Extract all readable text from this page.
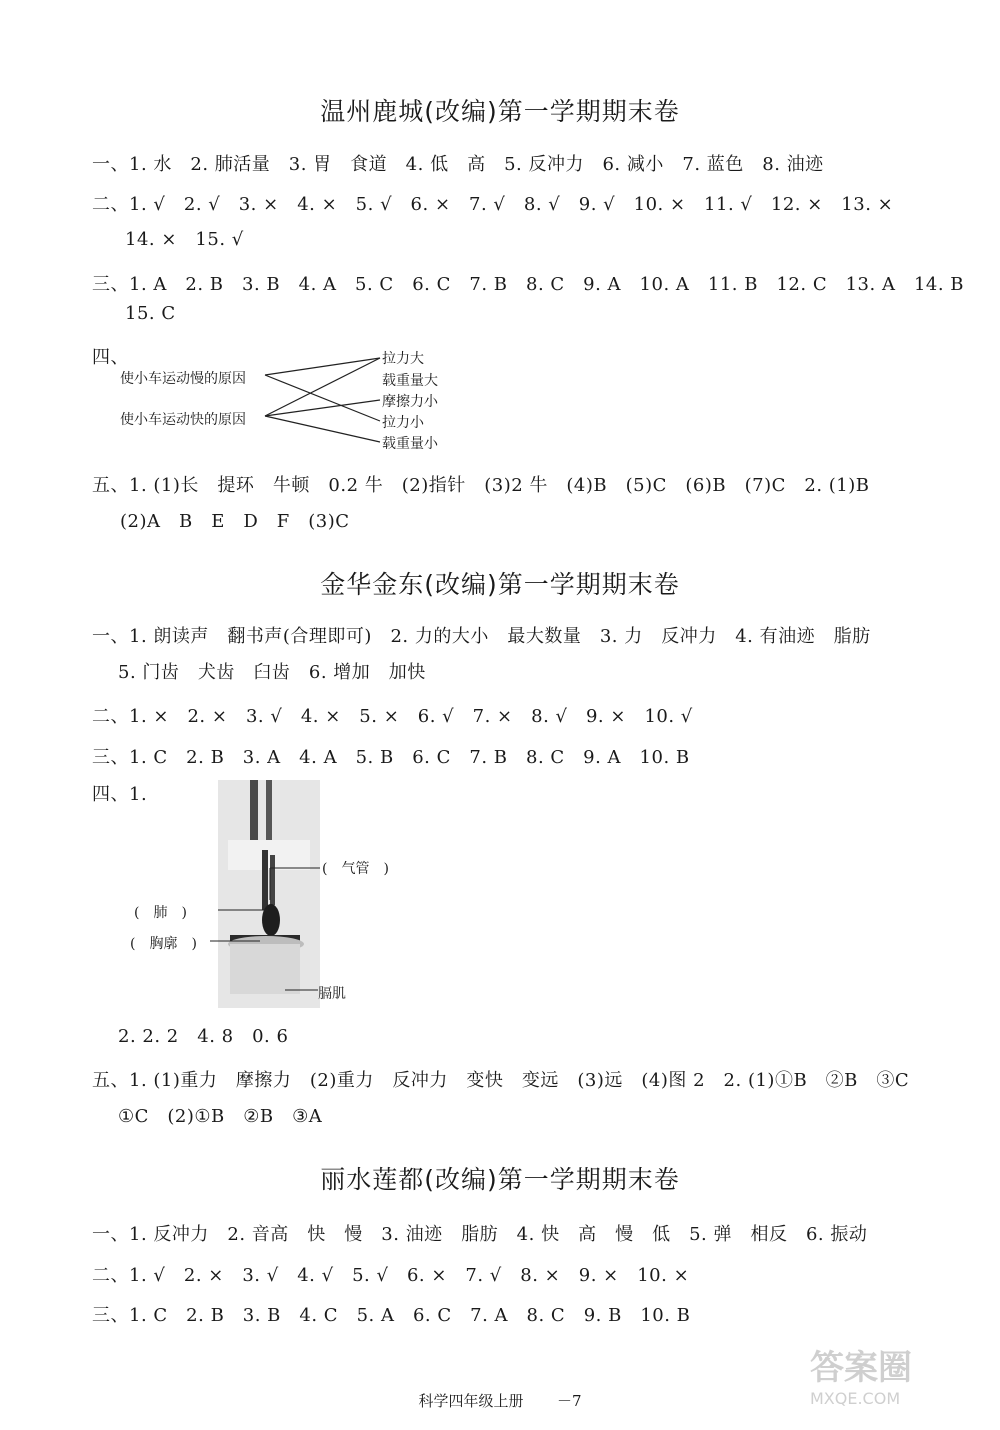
温州鹿城(改编)第一学期期末卷
一、1. 水　2. 肺活量　3. 胃　食道　4. 低　高　5. 反冲力　6. 减小　7. 蓝色　8. 油迹
二、1. √　2. √　3. ×　4. ×　5. √　6. ×　7. √　8. √　9. √　10. ×　11. √　12. ×　13. ×
14. ×　15. √
三、1. A　2. B　3. B　4. A　5. C　6. C　7. B　8. C　9. A　10. A　11. B　12. C　13. A　14. B
15. C
四、
使小车运动慢的原因
使小车运动快的原因
拉力大
载重量大
摩擦力小
拉力小
载重量小
五、1. (1)长　提环　牛顿　0.2 牛　(2)指针　(3)2 牛　(4)B　(5)C　(6)B　(7)C　2. (1)B
(2)A　B　E　D　F　(3)C
金华金东(改编)第一学期期末卷
一、1. 朗读声　翻书声(合理即可)　2. 力的大小　最大数量　3. 力　反冲力　4. 有油迹　脂肪
5. 门齿　犬齿　臼齿　6. 增加　加快
二、1. ×　2. ×　3. √　4. ×　5. ×　6. √　7. ×　8. √　9. ×　10. √
三、1. C　2. B　3. A　4. A　5. B　6. C　7. B　8. C　9. A　10. B
四、1.
(　气管　)
(　肺　)
(　胸廓　)
膈肌
2. 2. 2　4. 8　0. 6
五、1. (1)重力　摩擦力　(2)重力　反冲力　变快　变远　(3)远　(4)图 2　2. (1)①B　②B　③C
①C　(2)①B　②B　③A
丽水莲都(改编)第一学期期末卷
一、1. 反冲力　2. 音高　快　慢　3. 油迹　脂肪　4. 快　高　慢　低　5. 弹　相反　6. 振动
二、1. √　2. ×　3. √　4. √　5. √　6. ×　7. √　8. ×　9. ×　10. ×
三、1. C　2. B　3. B　4. C　5. A　6. C　7. A　8. C　9. B　10. B
科学四年级上册 －7
答案圈
MXQE.COM
